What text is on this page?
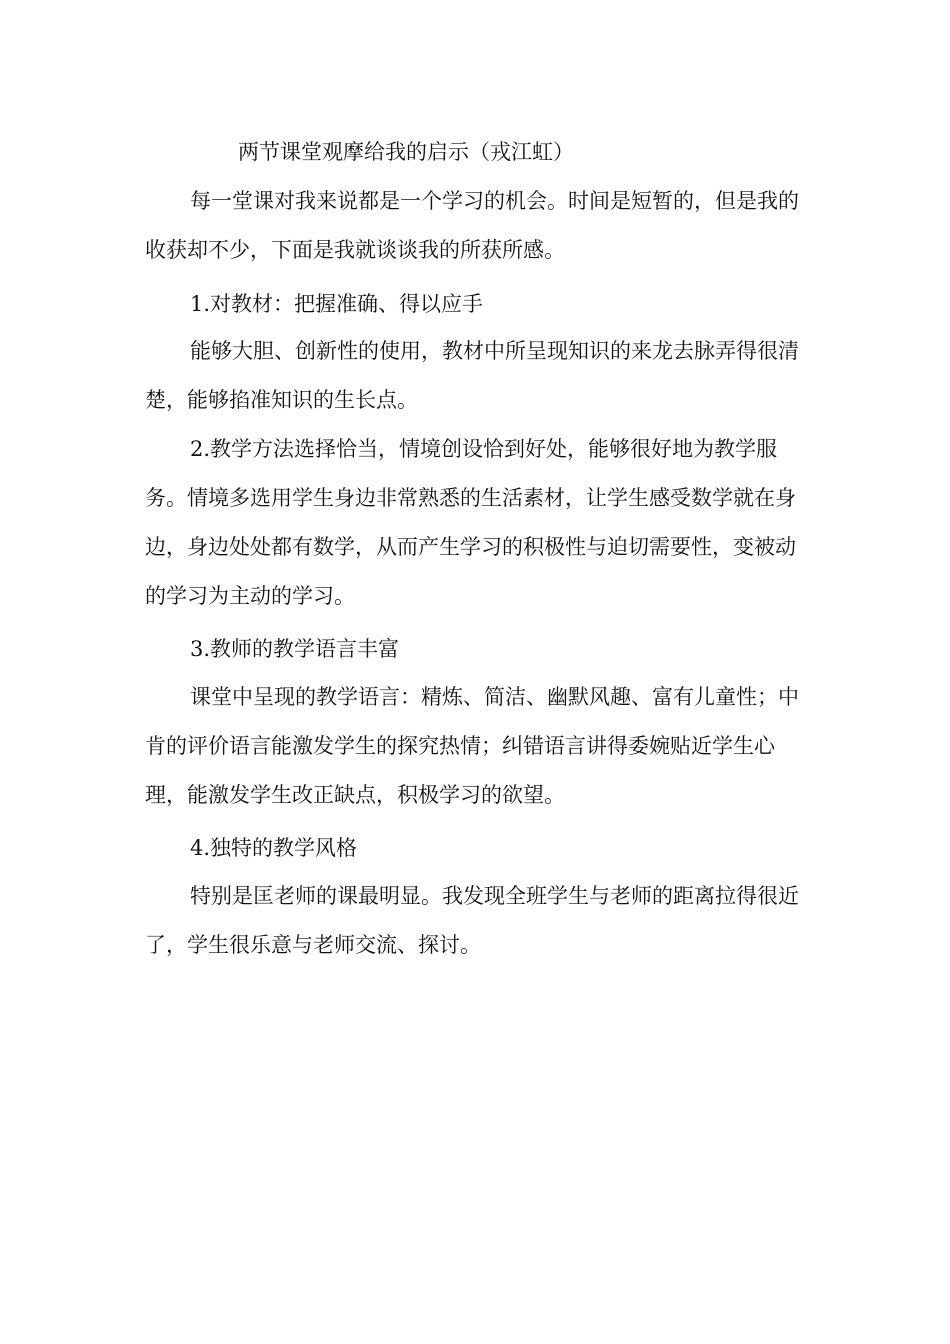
两节课堂观摩给我的启示（戎江虹）

每一堂课对我来说都是一个学习的机会。时间是短暂的，但是我的收获却不少，下面是我就谈谈我的所获所感。

1.对教材：把握准确、得以应手

能够大胆、创新性的使用，教材中所呈现知识的来龙去脉弄得很清楚，能够掐准知识的生长点。

2.教学方法选择恰当，情境创设恰到好处，能够很好地为教学服务。情境多选用学生身边非常熟悉的生活素材，让学生感受数学就在身边，身边处处都有数学，从而产生学习的积极性与迫切需要性，变被动的学习为主动的学习。

3.教师的教学语言丰富

课堂中呈现的教学语言：精炼、简洁、幽默风趣、富有儿童性；中肯的评价语言能激发学生的探究热情；纠错语言讲得委婉贴近学生心理，能激发学生改正缺点，积极学习的欲望。

4.独特的教学风格

特别是匡老师的课最明显。我发现全班学生与老师的距离拉得很近了，学生很乐意与老师交流、探讨。
